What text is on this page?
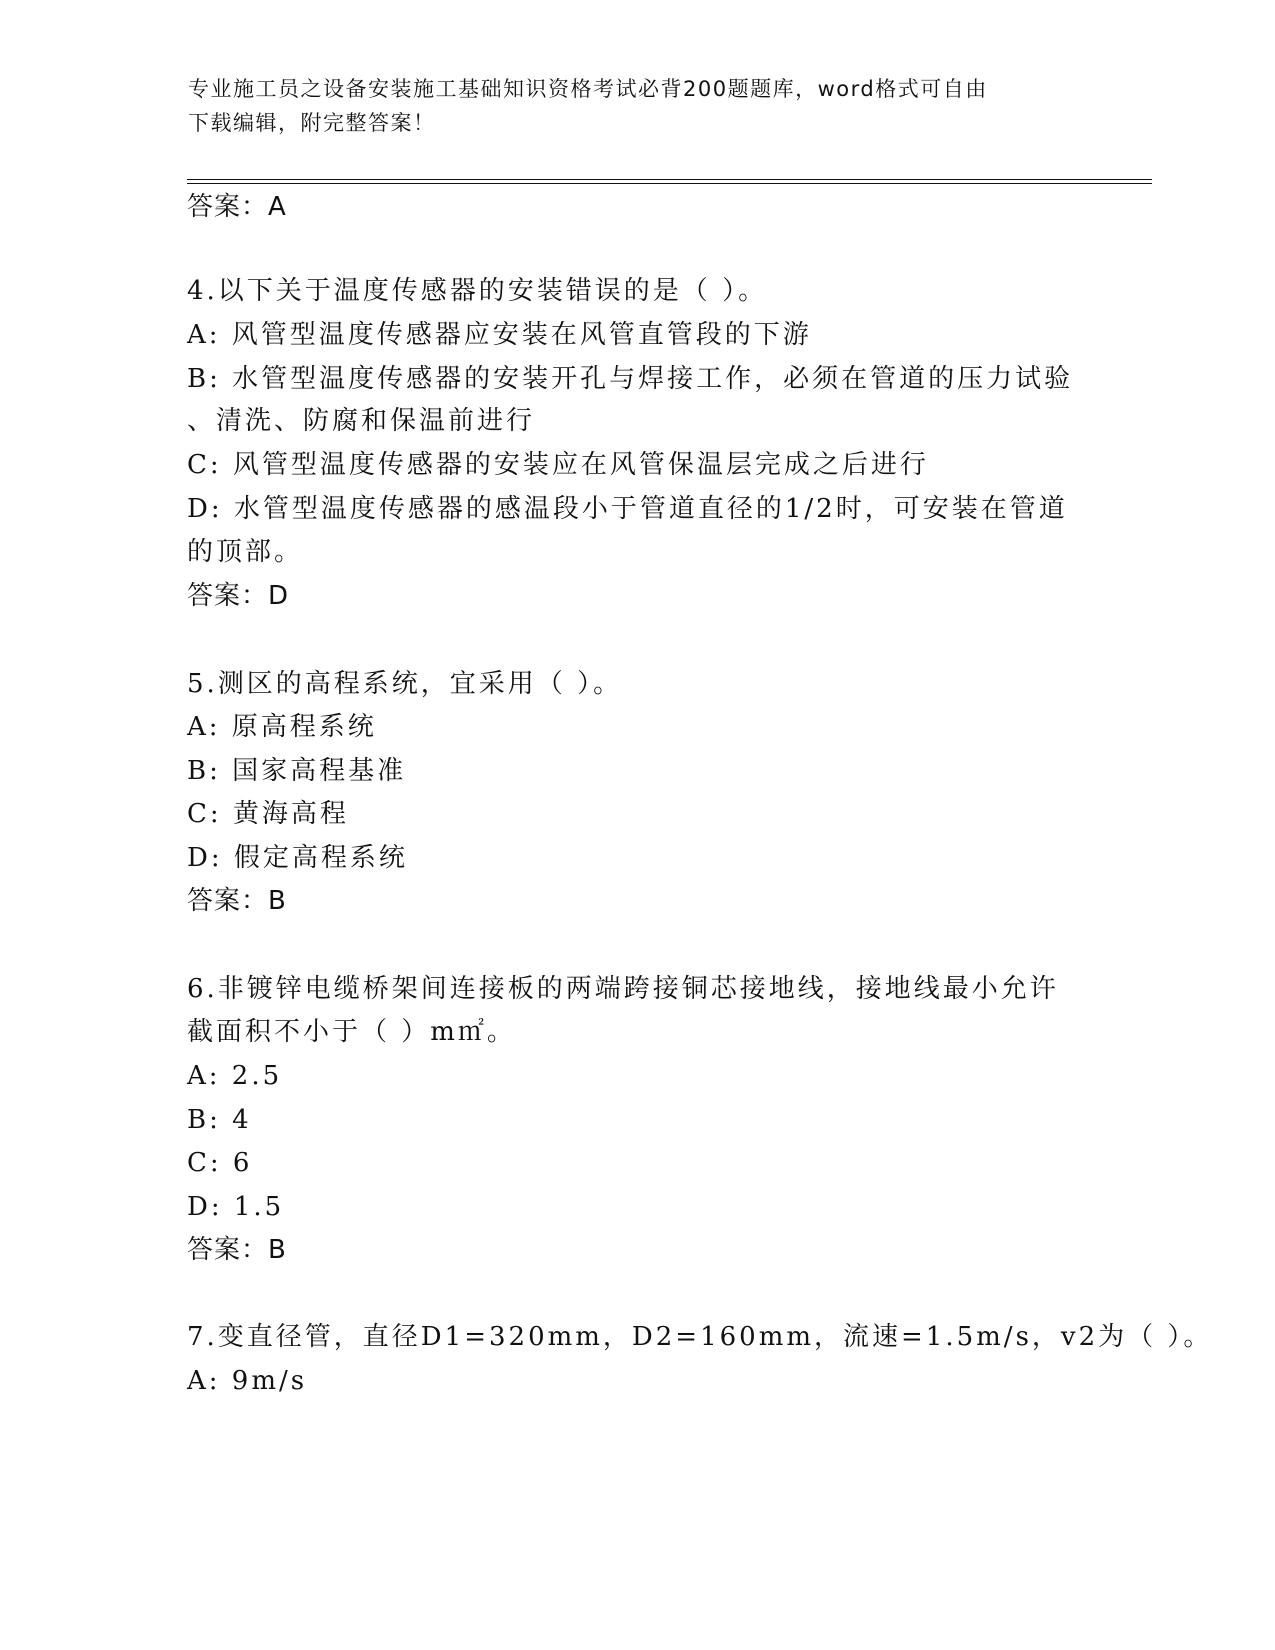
专业施工员之设备安装施工基础知识资格考试必背200题题库，word格式可自由
下载编辑，附完整答案！
答案：A
4.以下关于温度传感器的安装错误的是（ ）。
A: 风管型温度传感器应安装在风管直管段的下游
B: 水管型温度传感器的安装开孔与焊接工作，必须在管道的压力试验
、清洗、防腐和保温前进行
C: 风管型温度传感器的安装应在风管保温层完成之后进行
D: 水管型温度传感器的感温段小于管道直径的1/2时，可安装在管道
的顶部。
答案：D
5.测区的高程系统，宜采用（ ）。
A: 原高程系统
B: 国家高程基准
C: 黄海高程
D: 假定高程系统
答案：B
6.非镀锌电缆桥架间连接板的两端跨接铜芯接地线，接地线最小允许
截面积不小于（ ）m㎡。
A: 2.5
B: 4
C: 6
D: 1.5
答案：B
7.变直径管，直径D1=320mm，D2=160mm，流速=1.5m/s，v2为（ ）。
A: 9m/s
